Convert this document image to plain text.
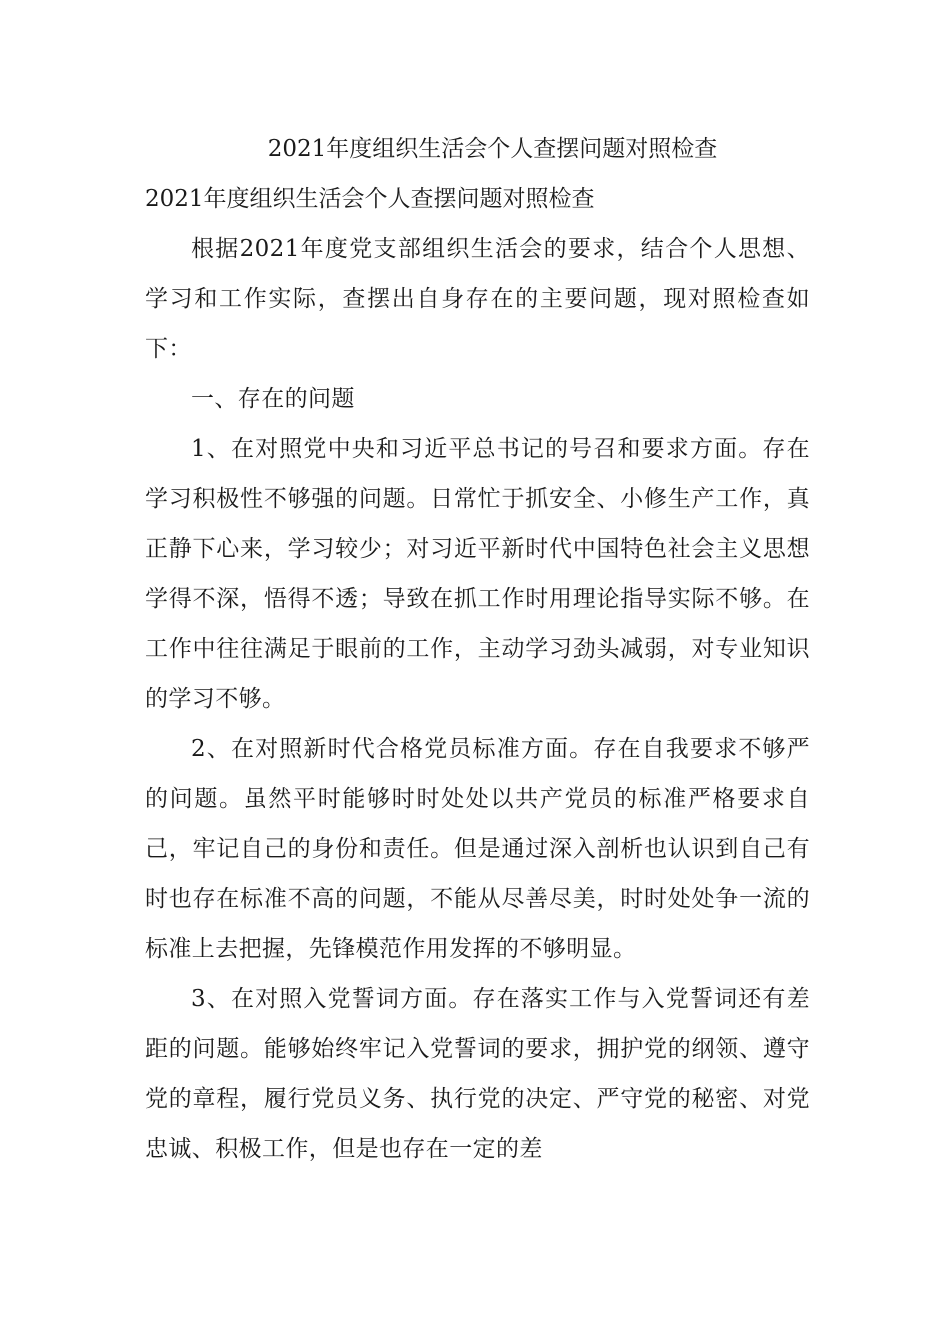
2021年度组织生活会个人查摆问题对照检查
2021年度组织生活会个人查摆问题对照检查

根据2021年度党支部组织生活会的要求，结合个人思想、学习和工作实际，查摆出自身存在的主要问题，现对照检查如下：

一、存在的问题

1、在对照党中央和习近平总书记的号召和要求方面。存在学习积极性不够强的问题。日常忙于抓安全、小修生产工作，真正静下心来，学习较少；对习近平新时代中国特色社会主义思想学得不深，悟得不透；导致在抓工作时用理论指导实际不够。在工作中往往满足于眼前的工作，主动学习劲头减弱，对专业知识的学习不够。

2、在对照新时代合格党员标准方面。存在自我要求不够严的问题。虽然平时能够时时处处以共产党员的标准严格要求自己，牢记自己的身份和责任。但是通过深入剖析也认识到自己有时也存在标准不高的问题，不能从尽善尽美，时时处处争一流的标准上去把握，先锋模范作用发挥的不够明显。

3、在对照入党誓词方面。存在落实工作与入党誓词还有差距的问题。能够始终牢记入党誓词的要求，拥护党的纲领、遵守党的章程，履行党员义务、执行党的决定、严守党的秘密、对党忠诚、积极工作，但是也存在一定的差
